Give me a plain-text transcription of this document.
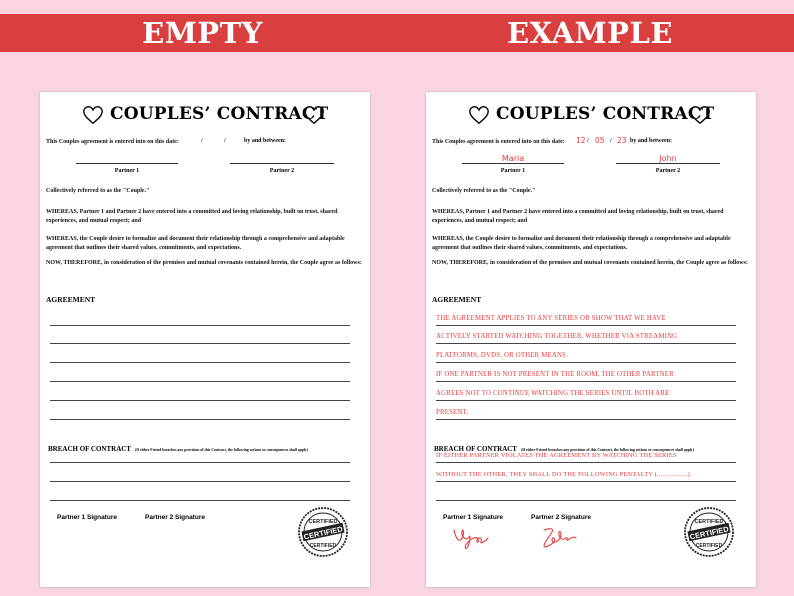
EMPTY	EXAMPLE
COUPLES’ CONTRACT
This Couples agreement is entered into on this date:	/	/	by and between:
Partner 1	Partner 2
Collectively referred to as the "Couple."
WHEREAS, Partner 1 and Partner 2 have entered into a committed and loving relationship, built on trust, shared experiences, and mutual respect; and
WHEREAS, the Couple desire to formalize and document their relationship through a comprehensive and adaptable agreement that outlines their shared values, commitments, and expectations.
NOW, THEREFORE, in consideration of the premises and mutual covenants contained herein, the Couple agree as follows:
AGREEMENT
BREACH OF CONTRACT (If either Friend breaches any provision of this Contract, the following actions or consequences shall apply)
Partner 1 Signature	Partner 2 Signature
CERTIFIED
CERTIFIED
CERTIFIED
COUPLES’ CONTRACT
This Couples agreement is entered into on this date:	12 / 05 / 23 by and between:
Maria	John
Partner 1	Partner 2
Collectively referred to as the "Couple."
WHEREAS, Partner 1 and Partner 2 have entered into a committed and loving relationship, built on trust, shared experiences, and mutual respect; and
WHEREAS, the Couple desire to formalize and document their relationship through a comprehensive and adaptable agreement that outlines their shared values, commitments, and expectations.
NOW, THEREFORE, in consideration of the premises and mutual covenants contained herein, the Couple agree as follows:
AGREEMENT
THE AGREEMENT APPLIES TO ANY SERIES OR SHOW THAT WE HAVE
ACTIVELY STARTED WATCHING TOGETHER, WHETHER VIA STREAMING
PLATFORMS, DVDS, OR OTHER MEANS.
IF ONE PARTNER IS NOT PRESENT IN THE ROOM, THE OTHER PARTNER
AGREES NOT TO CONTINUE WATCHING THE SERIES UNTIL BOTH ARE
PRESENT.
BREACH OF CONTRACT (If either Friend breaches any provision of this Contract, the following actions or consequences shall apply)
IF EITHER PARTNER VIOLATES THE AGREEMENT BY WATCHING THE SERIES
WITHOUT THE OTHER, THEY SHALL DO THE FOLLOWING PENTALTY (.................)
Partner 1 Signature	Partner 2 Signature
CERTIFIED
CERTIFIED
CERTIFIED
